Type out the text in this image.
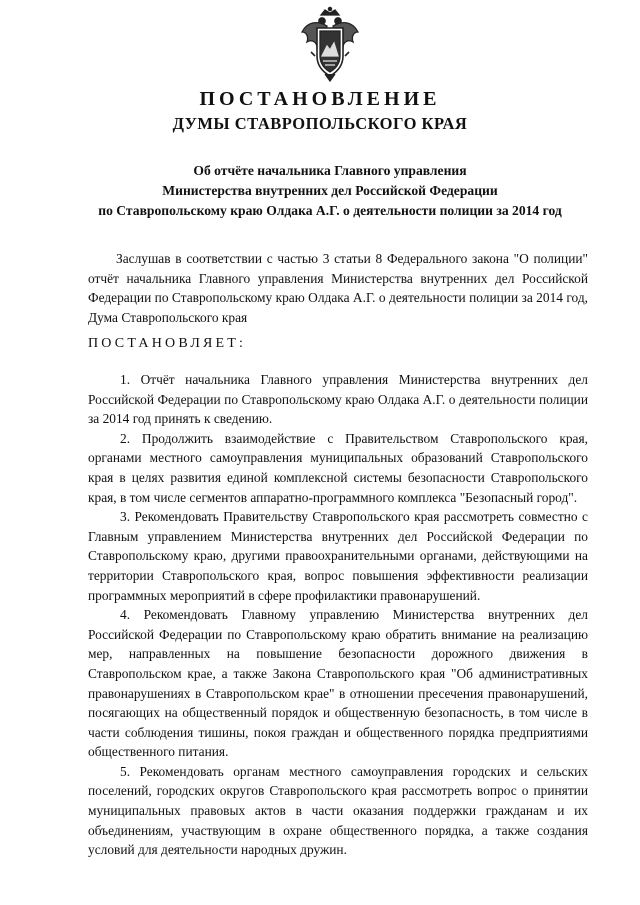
ПОСТАНОВЛЕНИЕ
ДУМЫ СТАВРОПОЛЬСКОГО КРАЯ
Об отчёте начальника Главного управления
Министерства внутренних дел Российской Федерации
по Ставропольскому краю Олдака А.Г. о деятельности полиции за 2014 год
Заслушав в соответствии с частью 3 статьи 8 Федерального закона "О полиции" отчёт начальника Главного управления Министерства внутренних дел Российской Федерации по Ставропольскому краю Олдака А.Г. о деятельности полиции за 2014 год, Дума Ставропольского края
ПОСТАНОВЛЯЕТ:

1. Отчёт начальника Главного управления Министерства внутренних дел Российской Федерации по Ставропольскому краю Олдака А.Г. о деятельности полиции за 2014 год принять к сведению.

2. Продолжить взаимодействие с Правительством Ставропольского края, органами местного самоуправления муниципальных образований Ставропольского края в целях развития единой комплексной системы безопасности Ставропольского края, в том числе сегментов аппаратно-программного комплекса "Безопасный город".

3. Рекомендовать Правительству Ставропольского края рассмотреть совместно с Главным управлением Министерства внутренних дел Российской Федерации по Ставропольскому краю, другими правоохранительными органами, действующими на территории Ставропольского края, вопрос повышения эффективности реализации программных мероприятий в сфере профилактики правонарушений.

4. Рекомендовать Главному управлению Министерства внутренних дел Российской Федерации по Ставропольскому краю обратить внимание на реализацию мер, направленных на повышение безопасности дорожного движения в Ставропольском крае, а также Закона Ставропольского края "Об административных правонарушениях в Ставропольском крае" в отношении пресечения правонарушений, посягающих на общественный порядок и общественную безопасность, в том числе в части соблюдения тишины, покоя граждан и общественного порядка предприятиями общественного питания.

5. Рекомендовать органам местного самоуправления городских и сельских поселений, городских округов Ставропольского края рассмотреть вопрос о принятии муниципальных правовых актов в части оказания поддержки гражданам и их объединениям, участвующим в охране общественного порядка, а также создания условий для деятельности народных дружин.
